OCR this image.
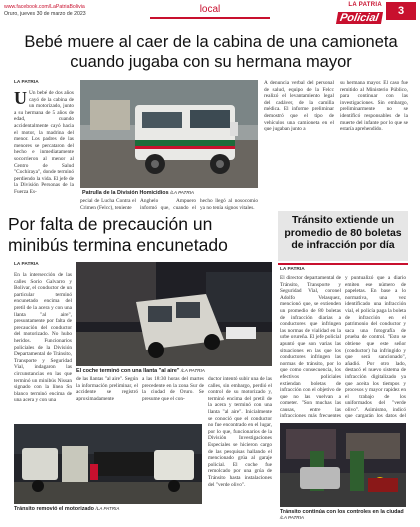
www.facebook.com/LaPatriaBolivia
Oruro, jueves 30 de marzo de 2023	local	LA PATRIA
Policial
3
Bebé muere al caer de la cabina de una camioneta cuando jugaba con su hermana mayor
LA PATRIA
U Un bebé de dos años cayó de la cabina de un motorizado, junto a su hermana de 5 años de edad, cuando accidentalmente cayó hacia el motor, la madrina del menor. Los padres de las menores se percataron del hecho e inmediatamente socorrieron al menor al Centro de Salud "Cochiraya", donde terminó perdiendo la vida. El jefe de la División Personas de la Fuerza Es-	Patrulla de la División Homicidios /LA PATRIA
pecial de Lucha Contra el Crimen (Felcc), teniente
Anghelo Ampuero informó que, cuando el
hecho llegó al nosocomio ya no tenía signos vitales.
A denuncia verbal del personal de salud, equipo de la Felcc realizó el levantamiento legal del cadáver, de la camilla médica. El informe preliminar demostró que el tipo de vehículos una camioneta en el que jugaban junto a
su hermana mayor. El caso fue remitido al Ministerio Público, para continuar con las investigaciones. Sin embargo, preliminarmente no se identificó responsables de la muerte del infante por lo que se estaría aprehendido.
Tránsito extiende un promedio de 80 boletas de infracción por día
LA PATRIA
El director departamental de Tránsito, Transporte y Seguridad Vial, coronel Adolfo Velasquez, mencionó que, se extienden un promedio de 80 boletas de infracción diarias a conductores que infringen las normas de vialidad en la urbe orureña. El jefe policial apuntó que son varias las situaciones en las que los conductores infringen las normas de tránsito, por lo que como consecuencia, los efectivos policiales extiendan boletas de infracción con el objetivo de que no las vuelvan a cometer. "Son muchas las causas, entre las infracciones más frecuentes
y puntualizó que a diario emiten ese número de papeletas. En base a lo normativa, una vez identificado una infracción vial, el policía paga la boleta de infracción en el patrimonio del conductor y saca una fotografía de prueba de control. "Esto se obtiene que este señor (conductor) ha infringido y que será sancionado", añadió. Por otro lado, destacó el nuevo sistema de infracción digitalizado ya que aceita los tiempos y procesos y mayor rapidez en el trabajo de los uniformados del "verde olivo". Asimismo, indicó que cargarán los datos del
Tránsito continúa con los controles en la ciudad /LA PATRIA
Por falta de precaución un minibús termina encunetado
LA PATRIA
En la intersección de las calles Sorio Galvarro y Bolivar, el conductor de un particular terminó encunetado encima del pretil de la acera y con una llanta "al aire", presuntamente por falta de precaución del conductor del motorizado. No hubo heridos. Funcionarios policiales de la División Departamental de Tránsito, Transporte y Seguridad Vial, indagaron las circunstancias en las que terminó un minibús Nissan signado con la línea Sn blanco terminó encima de una acera y con una
El coche terminó con una llanta "al aire" /LA PATRIA
de las llantas "al aire". Según la información preliminar, el accidente se registró aproximadamente
a las 18:30 horas del martes precedente en la zona Sur de la ciudad de Oruro. Se presume que el con-
ductor intentó subir una de las calles, sin embargo, perdió el control de su motorizado y, terminó encima del pretil de la acera y terminó con una llanta "al aire". Inicialmente se conoció que el conductor no fue encontrado en el lugar, por lo que, funcionarios de la División Investigaciones Especiales se hicieron cargo de las pesquisas hallando el mencionado grúa al garaje policial. El coche fue remolcado por una grúa de Tránsito hasta instalaciones del "verde olivo".
Tránsito removió el motorizado /LA PATRIA
